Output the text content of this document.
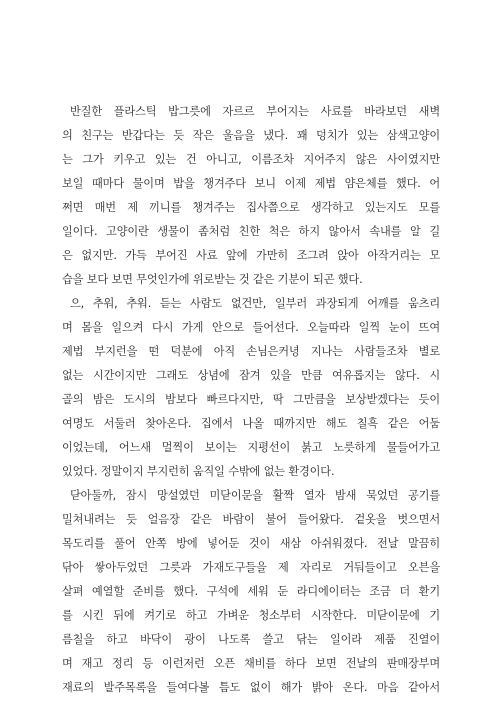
반질한 플라스틱 밥그릇에 자르르 부어지는 사료를 바라보던 새벽
의 친구는 반갑다는 듯 작은 울음을 냈다. 꽤 덩치가 있는 삼색고양이
는 그가 키우고 있는 건 아니고, 이름조차 지어주지 않은 사이였지만
보일 때마다 물이며 밥을 챙겨주다 보니 이제 제법 얌은체를 했다. 어
쩌면 매번 제 끼니를 챙겨주는 집사쯤으로 생각하고 있는지도 모를
일이다. 고양이란 생물이 좀처럼 친한 척은 하지 않아서 속내를 알 길
은 없지만. 가득 부어진 사료 앞에 가만히 조그려 앉아 아작거리는 모
습을 보다 보면 무엇인가에 위로받는 것 같은 기분이 되곤 했다.
으, 추워, 추워. 듣는 사람도 없건만, 일부러 과장되게 어깨를 움츠리
며 몸을 일으켜 다시 가게 안으로 들어선다. 오늘따라 일찍 눈이 뜨여
제법 부지런을 떤 덕분에 아직 손님은커녕 지나는 사람들조차 별로
없는 시간이지만 그래도 상념에 잠겨 있을 만큼 여유롭지는 않다. 시
골의 밤은 도시의 밤보다 빠르다지만, 딱 그만큼을 보상받겠다는 듯이
여명도 서둘러 찾아온다. 집에서 나올 때까지만 해도 칠흑 같은 어둠
이었는데, 어느새 멀찍이 보이는 지평선이 붉고 노릇하게 물들어가고
있었다. 정말이지 부지런히 움직일 수밖에 없는 환경이다.
닫아둘까, 잠시 망설였던 미닫이문을 활짝 열자 밤새 묵었던 공기를
밀쳐내려는 듯 얼음장 같은 바람이 불어 들어왔다. 겉옷을 벗으면서
목도리를 풀어 안쪽 방에 넣어둔 것이 새삼 아쉬워졌다. 전날 말끔히
닦아 쌓아두었던 그릇과 가재도구들을 제 자리로 거둬들이고 오븐을
살펴 예열할 준비를 했다. 구석에 세워 둔 라디에이터는 조금 더 환기
를 시킨 뒤에 켜기로 하고 가벼운 청소부터 시작한다. 미닫이문에 기
름칠을 하고 바닥이 광이 나도록 쓸고 닦는 일이라 제품 진열이
며 재고 정리 등 이런저런 오픈 채비를 하다 보면 전날의 판매장부며
재료의 발주목록을 들여다볼 틈도 없이 해가 밝아 온다. 마음 같아서
